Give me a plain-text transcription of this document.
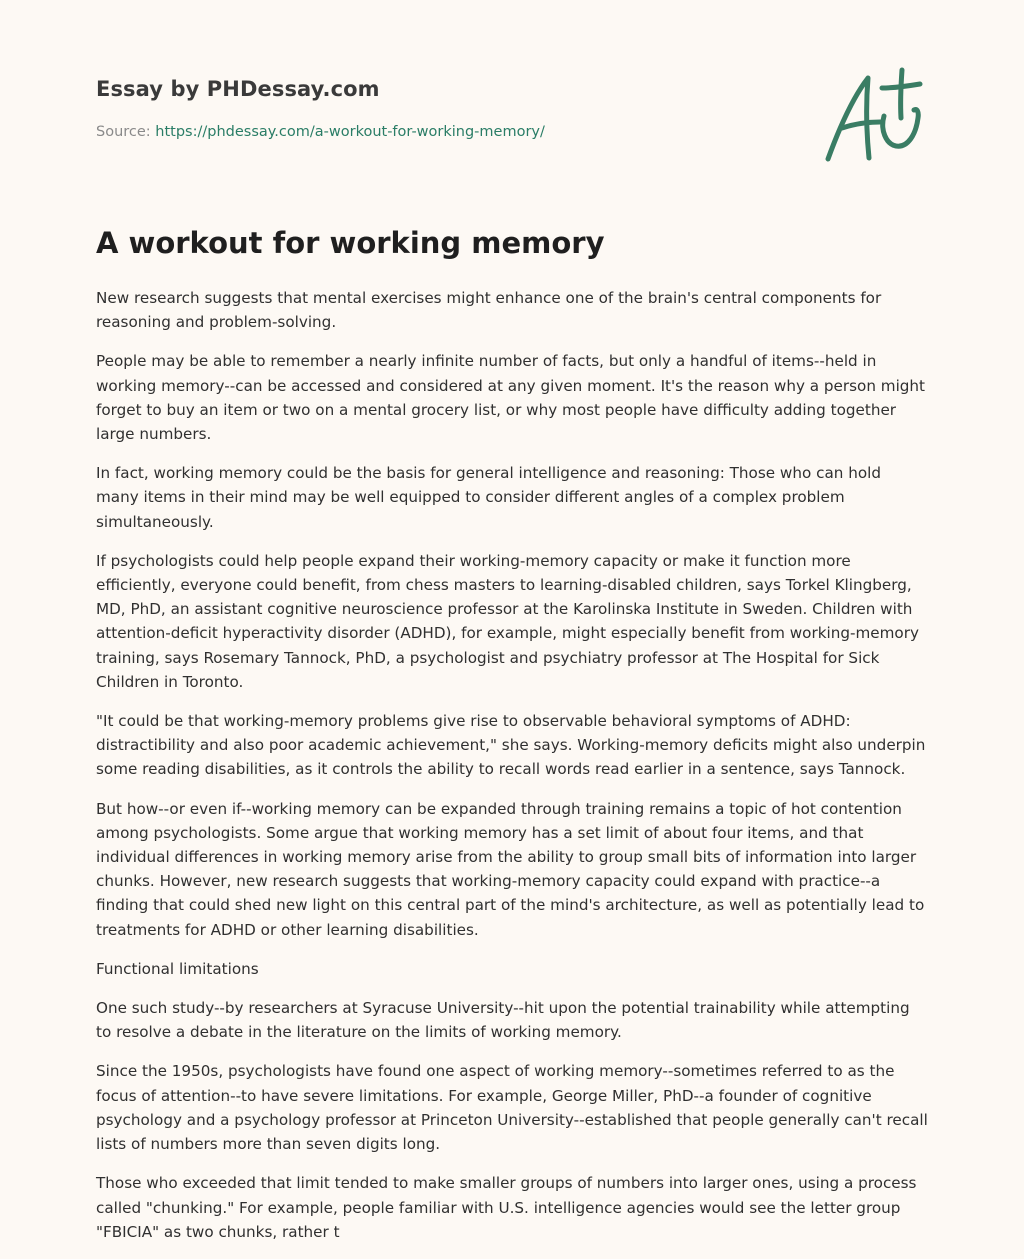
Essay by PHDessay.com
Source: https://phdessay.com/a-workout-for-working-memory/
A workout for working memory

New research suggests that mental exercises might enhance one of the brain's central components for reasoning and problem-solving.

People may be able to remember a nearly infinite number of facts, but only a handful of items--held in working memory--can be accessed and considered at any given moment. It's the reason why a person might forget to buy an item or two on a mental grocery list, or why most people have difficulty adding together large numbers.

In fact, working memory could be the basis for general intelligence and reasoning: Those who can hold many items in their mind may be well equipped to consider different angles of a complex problem simultaneously.

If psychologists could help people expand their working-memory capacity or make it function more efficiently, everyone could benefit, from chess masters to learning-disabled children, says Torkel Klingberg, MD, PhD, an assistant cognitive neuroscience professor at the Karolinska Institute in Sweden. Children with attention-deficit hyperactivity disorder (ADHD), for example, might especially benefit from working-memory training, says Rosemary Tannock, PhD, a psychologist and psychiatry professor at The Hospital for Sick Children in Toronto.

"It could be that working-memory problems give rise to observable behavioral symptoms of ADHD: distractibility and also poor academic achievement," she says. Working-memory deficits might also underpin some reading disabilities, as it controls the ability to recall words read earlier in a sentence, says Tannock.

But how--or even if--working memory can be expanded through training remains a topic of hot contention among psychologists. Some argue that working memory has a set limit of about four items, and that individual differences in working memory arise from the ability to group small bits of information into larger chunks. However, new research suggests that working-memory capacity could expand with practice--a finding that could shed new light on this central part of the mind's architecture, as well as potentially lead to treatments for ADHD or other learning disabilities.

Functional limitations

One such study--by researchers at Syracuse University--hit upon the potential trainability while attempting to resolve a debate in the literature on the limits of working memory.

Since the 1950s, psychologists have found one aspect of working memory--sometimes referred to as the focus of attention--to have severe limitations. For example, George Miller, PhD--a founder of cognitive psychology and a psychology professor at Princeton University--established that people generally can't recall lists of numbers more than seven digits long.

Those who exceeded that limit tended to make smaller groups of numbers into larger ones, using a process called "chunking." For example, people familiar with U.S. intelligence agencies would see the letter group "FBICIA" as two chunks, rather t
